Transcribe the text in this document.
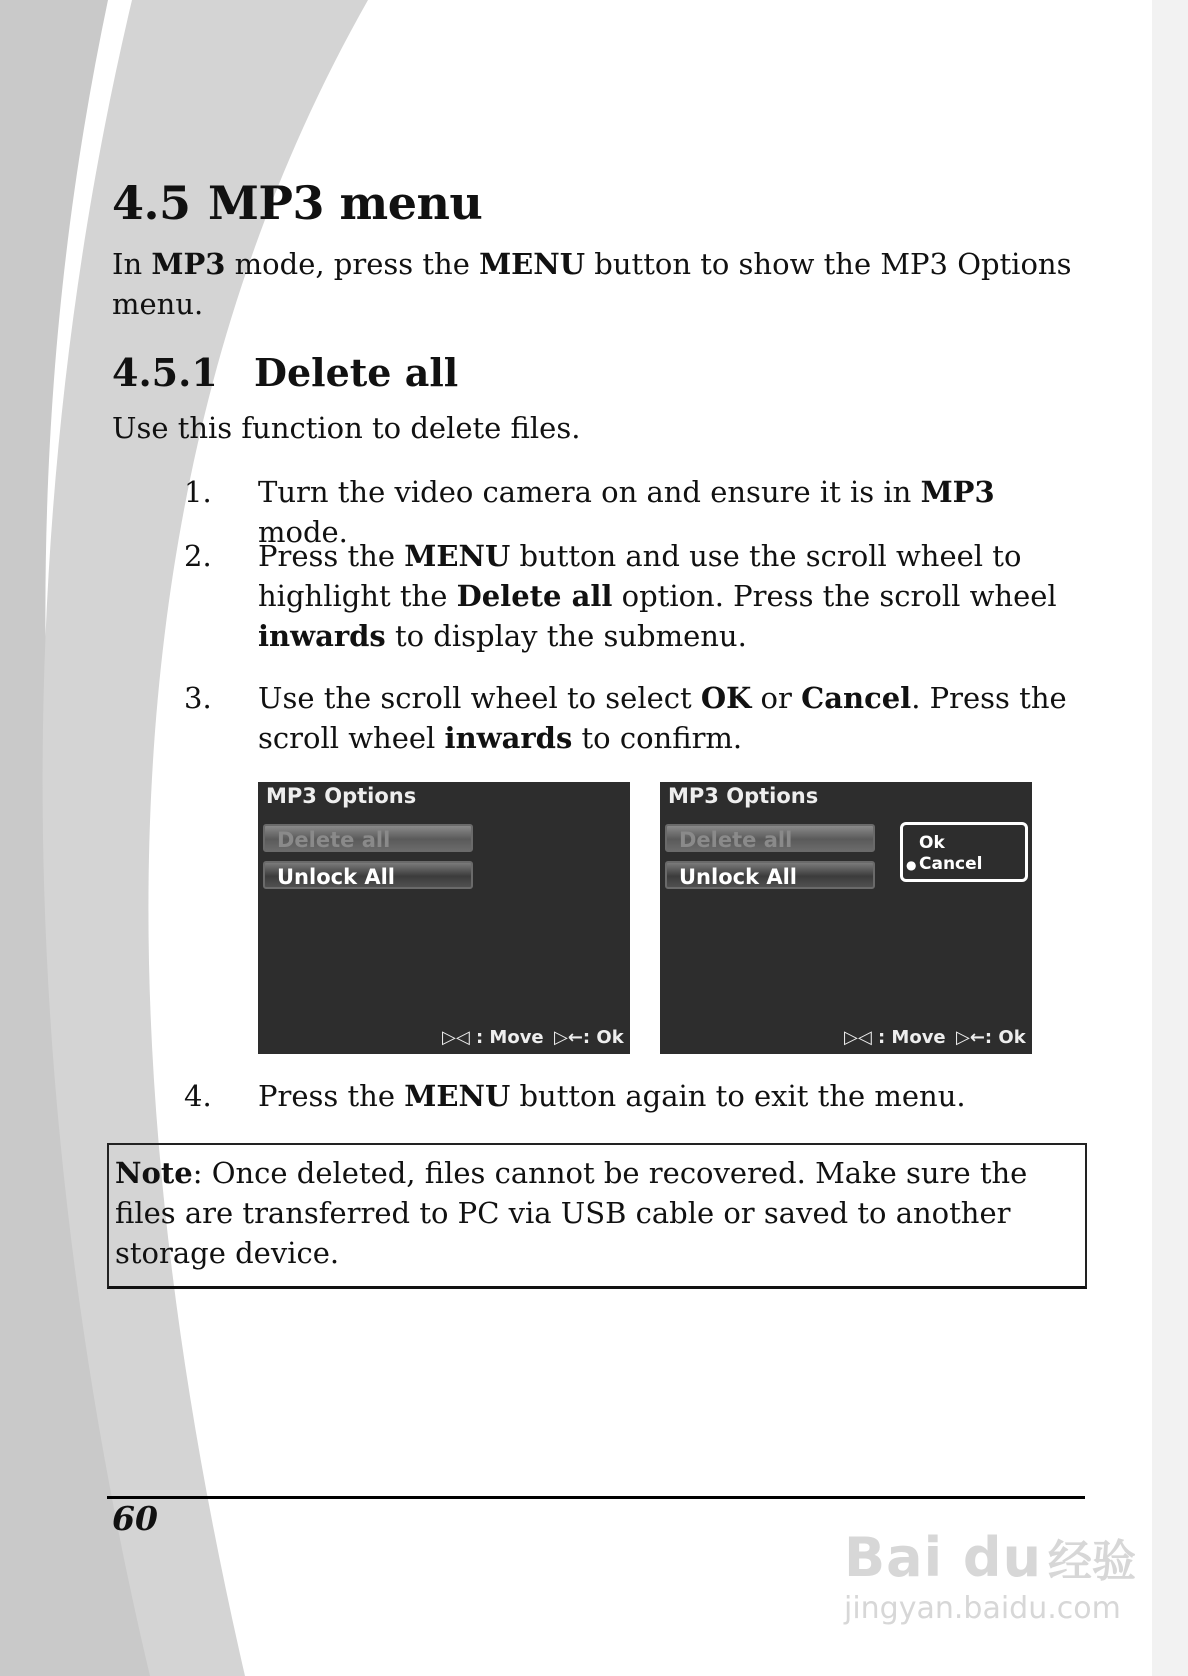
4.5 MP3 menu
In MP3 mode, press the MENU button to show the MP3 Options menu.
4.5.1 Delete all
Use this function to delete files.
1. Turn the video camera on and ensure it is in MP3 mode.
2. Press the MENU button and use the scroll wheel to highlight the Delete all option. Press the scroll wheel inwards to display the submenu.
3. Use the scroll wheel to select OK or Cancel. Press the scroll wheel inwards to confirm.
MP3 Options
Delete all
Unlock All
▷◁ : Move ▷←: Ok
MP3 Options
Delete all
Unlock All
Ok
● Cancel
▷◁ : Move ▷←: Ok
4. Press the MENU button again to exit the menu.
Note: Once deleted, files cannot be recovered. Make sure the files are transferred to PC via USB cable or saved to another storage device.
60
Bai du 经验
jingyan.baidu.com
